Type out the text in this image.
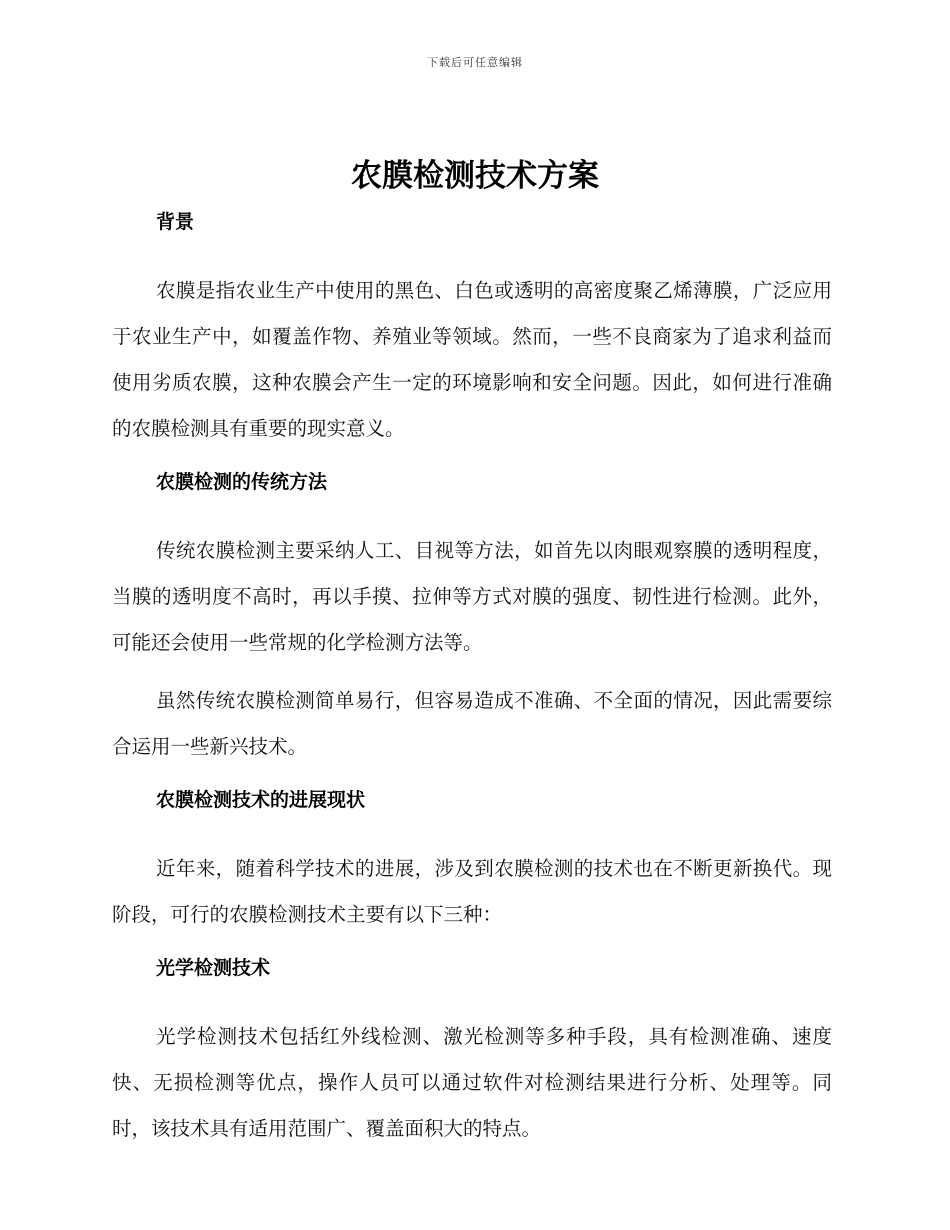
下载后可任意编辑
农膜检测技术方案
背景

农膜是指农业生产中使用的黑色、白色或透明的高密度聚乙烯薄膜，广泛应用于农业生产中，如覆盖作物、养殖业等领域。然而，一些不良商家为了追求利益而使用劣质农膜，这种农膜会产生一定的环境影响和安全问题。因此，如何进行准确的农膜检测具有重要的现实意义。

农膜检测的传统方法

传统农膜检测主要采纳人工、目视等方法，如首先以肉眼观察膜的透明程度，当膜的透明度不高时，再以手摸、拉伸等方式对膜的强度、韧性进行检测。此外，可能还会使用一些常规的化学检测方法等。

虽然传统农膜检测简单易行，但容易造成不准确、不全面的情况，因此需要综合运用一些新兴技术。

农膜检测技术的进展现状

近年来，随着科学技术的进展，涉及到农膜检测的技术也在不断更新换代。现阶段，可行的农膜检测技术主要有以下三种：

光学检测技术

光学检测技术包括红外线检测、激光检测等多种手段，具有检测准确、速度快、无损检测等优点，操作人员可以通过软件对检测结果进行分析、处理等。同时，该技术具有适用范围广、覆盖面积大的特点。
